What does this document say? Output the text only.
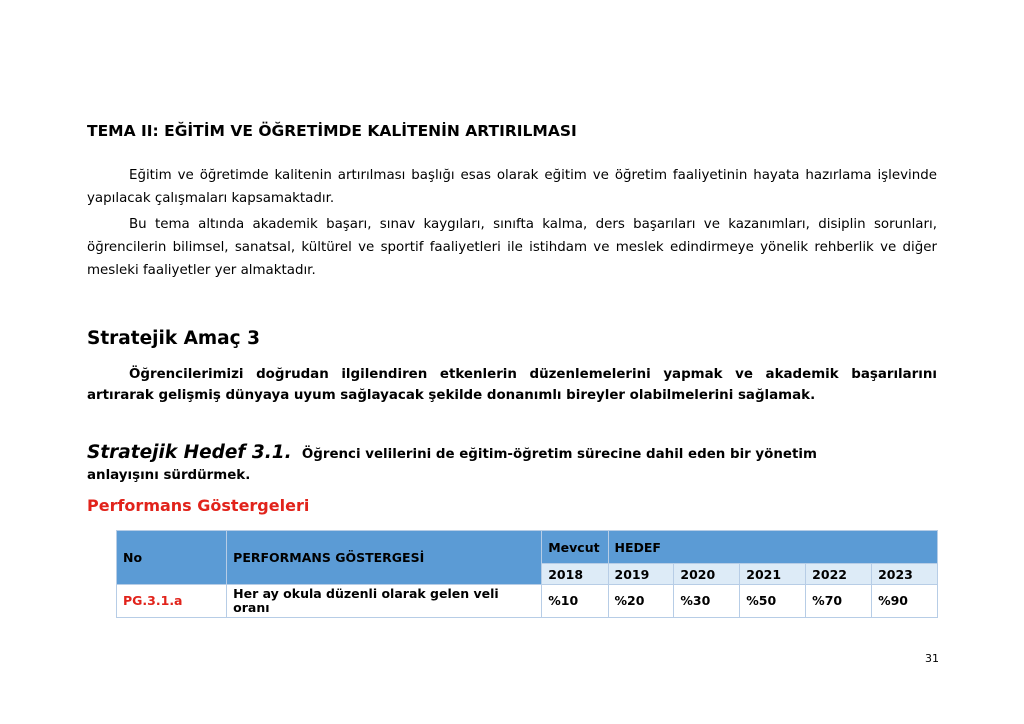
TEMA II: EĞİTİM VE ÖĞRETİMDE KALİTENİN ARTIRILMASI

Eğitim ve öğretimde kalitenin artırılması başlığı esas olarak eğitim ve öğretim faaliyetinin hayata hazırlama işlevinde yapılacak çalışmaları kapsamaktadır.

Bu tema altında akademik başarı, sınav kaygıları, sınıfta kalma, ders başarıları ve kazanımları, disiplin sorunları, öğrencilerin bilimsel, sanatsal, kültürel ve sportif faaliyetleri ile istihdam ve meslek edindirmeye yönelik rehberlik ve diğer mesleki faaliyetler yer almaktadır.

Stratejik Amaç 3

Öğrencilerimizi doğrudan ilgilendiren etkenlerin düzenlemelerini yapmak ve akademik başarılarını artırarak gelişmiş dünyaya uyum sağlayacak şekilde donanımlı bireyler olabilmelerini sağlamak.

Stratejik Hedef 3.1. Öğrenci velilerini de eğitim-öğretim sürecine dahil eden bir yönetim anlayışını sürdürmek.

Performans Göstergeleri
No	PERFORMANS GÖSTERGESİ	Mevcut	HEDEF				
		2018	2019	2020	2021	2022	2023
PG.3.1.a	Her ay okula düzenli olarak gelen veli oranı	%10	%20	%30	%50	%70	%90

31
